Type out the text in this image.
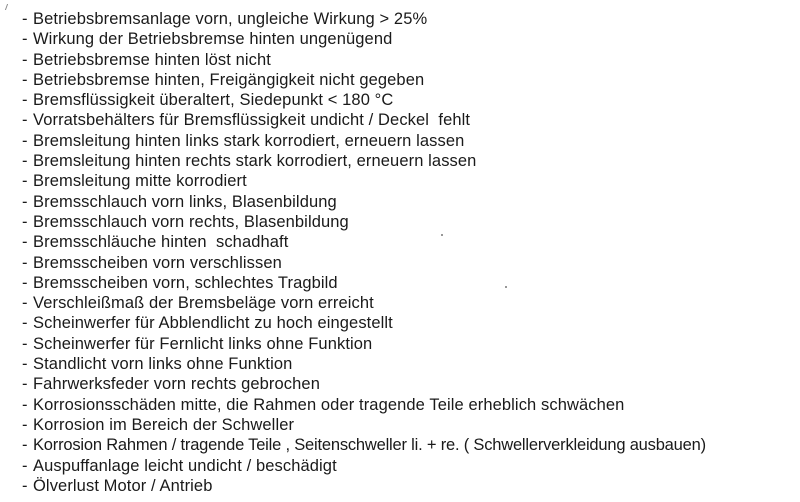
- Betriebsbremsanlage vorn, ungleiche Wirkung > 25%
- Wirkung der Betriebsbremse hinten ungenügend
- Betriebsbremse hinten löst nicht
- Betriebsbremse hinten, Freigängigkeit nicht gegeben
- Bremsflüssigkeit überaltert, Siedepunkt < 180 °C
- Vorratsbehälters für Bremsflüssigkeit undicht / Deckel  fehlt
- Bremsleitung hinten links stark korrodiert, erneuern lassen
- Bremsleitung hinten rechts stark korrodiert, erneuern lassen
- Bremsleitung mitte korrodiert
- Bremsschlauch vorn links, Blasenbildung
- Bremsschlauch vorn rechts, Blasenbildung
- Bremsschläuche hinten  schadhaft
- Bremsscheiben vorn verschlissen
- Bremsscheiben vorn, schlechtes Tragbild
- Verschleißmaß der Bremsbeläge vorn erreicht
- Scheinwerfer für Abblendlicht zu hoch eingestellt
- Scheinwerfer für Fernlicht links ohne Funktion
- Standlicht vorn links ohne Funktion
- Fahrwerksfeder vorn rechts gebrochen
- Korrosionsschäden mitte, die Rahmen oder tragende Teile erheblich schwächen
- Korrosion im Bereich der Schweller
- Korrosion Rahmen / tragende Teile , Seitenschweller li. + re. ( Schwellerverkleidung ausbauen)
- Auspuffanlage leicht undicht / beschädigt
- Ölverlust Motor / Antrieb
